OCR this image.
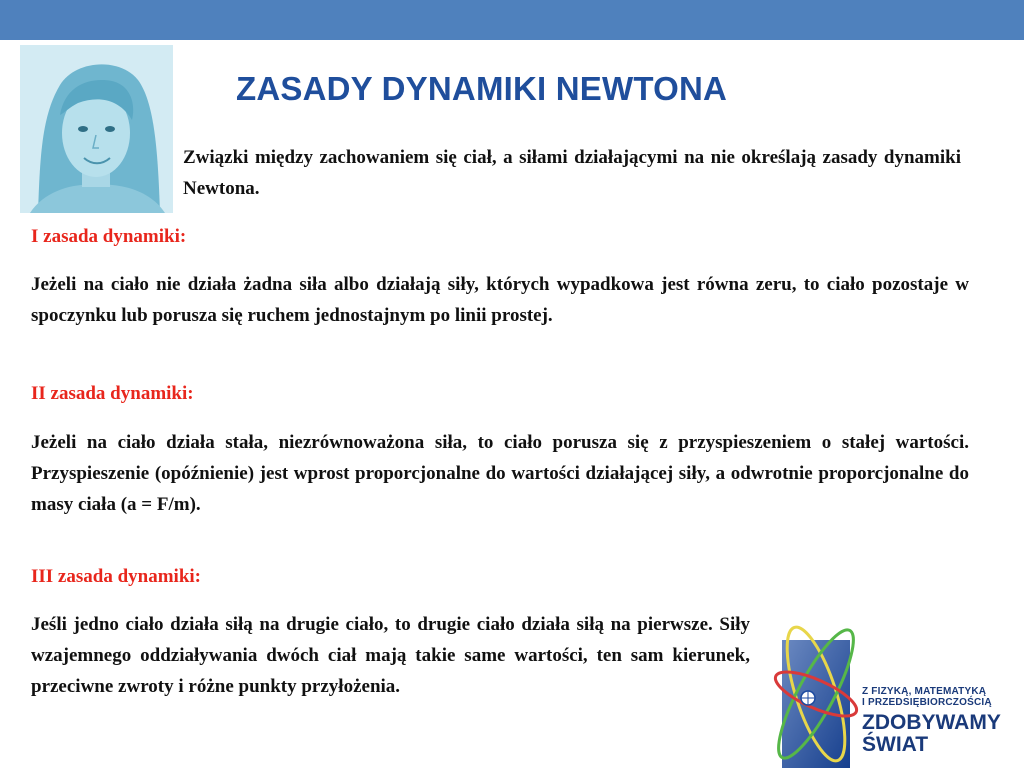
ZASADY DYNAMIKI NEWTONA

Związki między zachowaniem się ciał, a siłami działającymi na nie określają zasady dynamiki Newtona.

I zasada dynamiki:

Jeżeli na ciało nie działa żadna siła albo działają siły, których wypadkowa jest równa zeru, to ciało pozostaje w spoczynku lub porusza się ruchem jednostajnym po linii prostej.

II zasada dynamiki:

Jeżeli na ciało działa stała, niezrównoważona siła, to ciało porusza się z przyspieszeniem o stałej wartości. Przyspieszenie (opóźnienie) jest wprost proporcjonalne do wartości działającej siły, a odwrotnie proporcjonalne do masy ciała (a = F/m).

III zasada dynamiki:

Jeśli jedno ciało działa siłą na drugie ciało, to drugie ciało działa siłą na pierwsze. Siły wzajemnego oddziaływania dwóch ciał mają takie same wartości, ten sam kierunek, przeciwne zwroty i różne punkty przyłożenia.	Z FIZYKĄ, MATEMATYKĄ
I PRZEDSIĘBIORCZOŚCIĄ
ZDOBYWAMY
ŚWIAT
